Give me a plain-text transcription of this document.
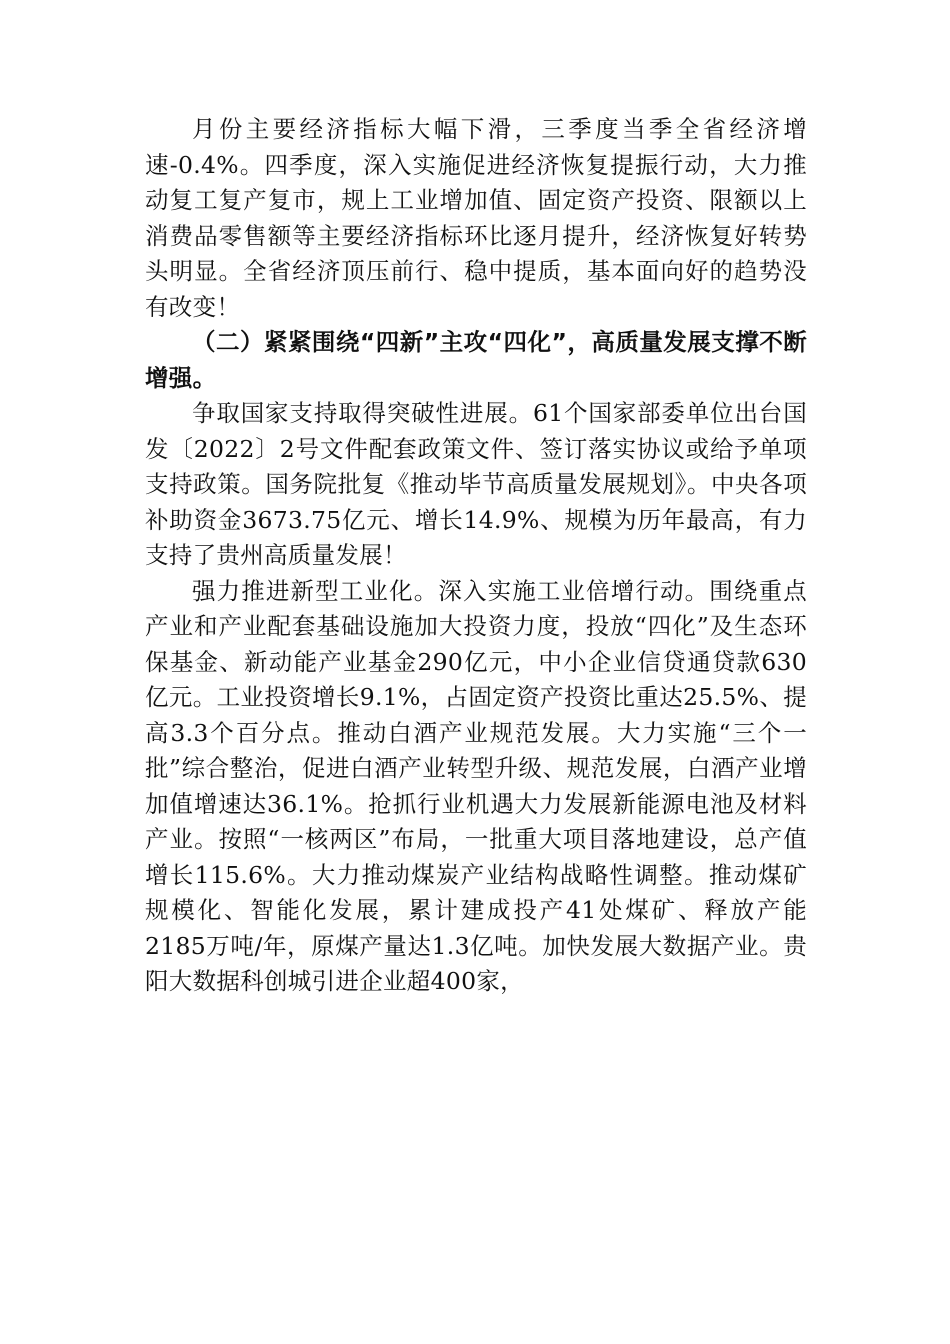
月份主要经济指标大幅下滑，三季度当季全省经济增速-0.4%。四季度，深入实施促进经济恢复提振行动，大力推动复工复产复市，规上工业增加值、固定资产投资、限额以上消费品零售额等主要经济指标环比逐月提升，经济恢复好转势头明显。全省经济顶压前行、稳中提质，基本面向好的趋势没有改变！

（二）紧紧围绕“四新”主攻“四化”，高质量发展支撑不断增强。

争取国家支持取得突破性进展。61个国家部委单位出台国发〔2022〕2号文件配套政策文件、签订落实协议或给予单项支持政策。国务院批复《推动毕节高质量发展规划》。中央各项补助资金3673.75亿元、增长14.9%、规模为历年最高，有力支持了贵州高质量发展！

强力推进新型工业化。深入实施工业倍增行动。围绕重点产业和产业配套基础设施加大投资力度，投放“四化”及生态环保基金、新动能产业基金290亿元，中小企业信贷通贷款630亿元。工业投资增长9.1%，占固定资产投资比重达25.5%、提高3.3个百分点。推动白酒产业规范发展。大力实施“三个一批”综合整治，促进白酒产业转型升级、规范发展，白酒产业增加值增速达36.1%。抢抓行业机遇大力发展新能源电池及材料产业。按照“一核两区”布局，一批重大项目落地建设，总产值增长115.6%。大力推动煤炭产业结构战略性调整。推动煤矿规模化、智能化发展，累计建成投产41处煤矿、释放产能2185万吨/年，原煤产量达1.3亿吨。加快发展大数据产业。贵阳大数据科创城引进企业超400家，
